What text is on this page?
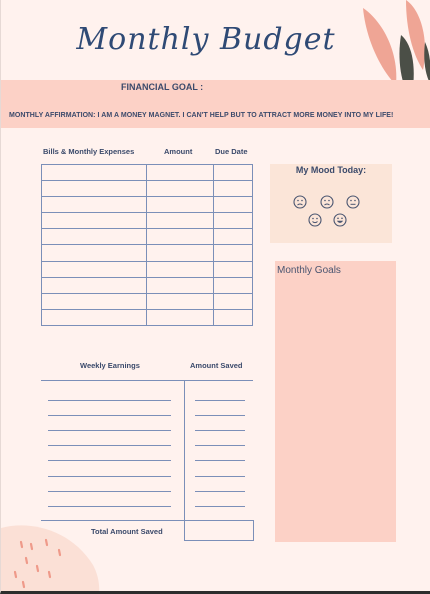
Monthly Budget
FINANCIAL GOAL :
MONTHLY AFFIRMATION: I AM A MONEY MAGNET. I CAN'T HELP BUT TO ATTRACT MORE MONEY INTO MY LIFE!
Bills & Monthly Expenses	Amount	Due Date

My Mood Today:
Monthly Goals
Weekly Earnings	Amount Saved
Total Amount Saved
